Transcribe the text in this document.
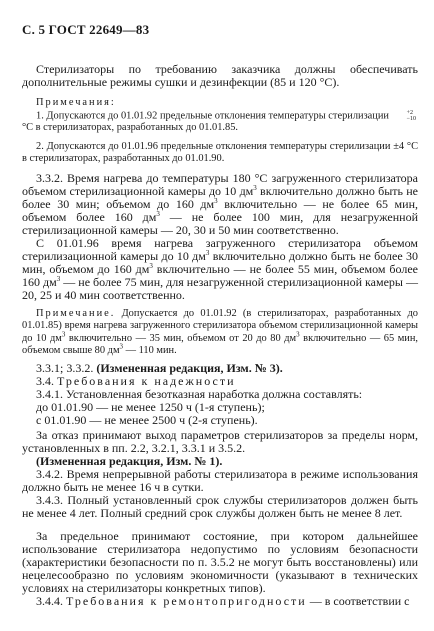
С. 5 ГОСТ 22649—83
Стерилизаторы по требованию заказчика должны обеспечивать дополнительные режимы сушки и дезинфекции (85 и 120 °С).
Примечания:
1. Допускаются до 01.01.92 предельные отклонения температуры стерилизации	+2
−10
°С в стерилизаторах, разработанных до 01.01.85.
2. Допускаются до 01.01.96 предельные отклонения температуры стерилизации ±4 °С в стерилизаторах, разработанных до 01.01.90.
3.3.2. Время нагрева до температуры 180 °С загруженного стерилизатора объемом стерилизационной камеры до 10 $дм^3$ включительно должно быть не более 30 мин; объемом до 160 $дм^3$ включительно — не более 65 мин, объемом более 160 $дм^3$ — не более 100 мин, для незагруженной стерилизационной камеры — 20, 30 и 50 мин соответственно.
С 01.01.96 время нагрева загруженного стерилизатора объемом стерилизационной камеры до 10 $дм^3$ включительно должно быть не более 30 мин, объемом до 160 $дм^3$ включительно — не более 55 мин, объемом более 160 $дм^3$ — не более 75 мин, для незагруженной стерилизационной камеры — 20, 25 и 40 мин соответственно.
Примечание. Допускается до 01.01.92 (в стерилизаторах, разработанных до 01.01.85) время нагрева загруженного стерилизатора объемом стерилизационной камеры до 10 $дм^3$ включительно — 35 мин, объемом от 20 до 80 $дм^3$ включительно — 65 мин, объемом свыше 80 $дм^3$ — 110 мин.
3.3.1; 3.3.2. (Измененная редакция, Изм. № 3).
3.4. Требования к надежности
3.4.1. Установленная безотказная наработка должна составлять:
до 01.01.90 — не менее 1250 ч (1-я ступень);
с 01.01.90 — не менее 2500 ч (2-я ступень).
За отказ принимают выход параметров стерилизаторов за пределы норм, установленных в пп. 2.2, 3.2.1, 3.3.1 и 3.5.2.
(Измененная редакция, Изм. № 1).
3.4.2. Время непрерывной работы стерилизатора в режиме использования должно быть не менее 16 ч в сутки.
3.4.3. Полный установленный срок службы стерилизаторов должен быть не менее 4 лет. Полный средний срок службы должен быть не менее 8 лет.
За предельное принимают состояние, при котором дальнейшее использование стерилизатора недопустимо по условиям безопасности (характеристики безопасности по п. 3.5.2 не могут быть восстановлены) или нецелесообразно по условиям экономичности (указывают в технических условиях на стерилизаторы конкретных типов).
3.4.4. Требования к ремонтопригодности — в соответствии с
